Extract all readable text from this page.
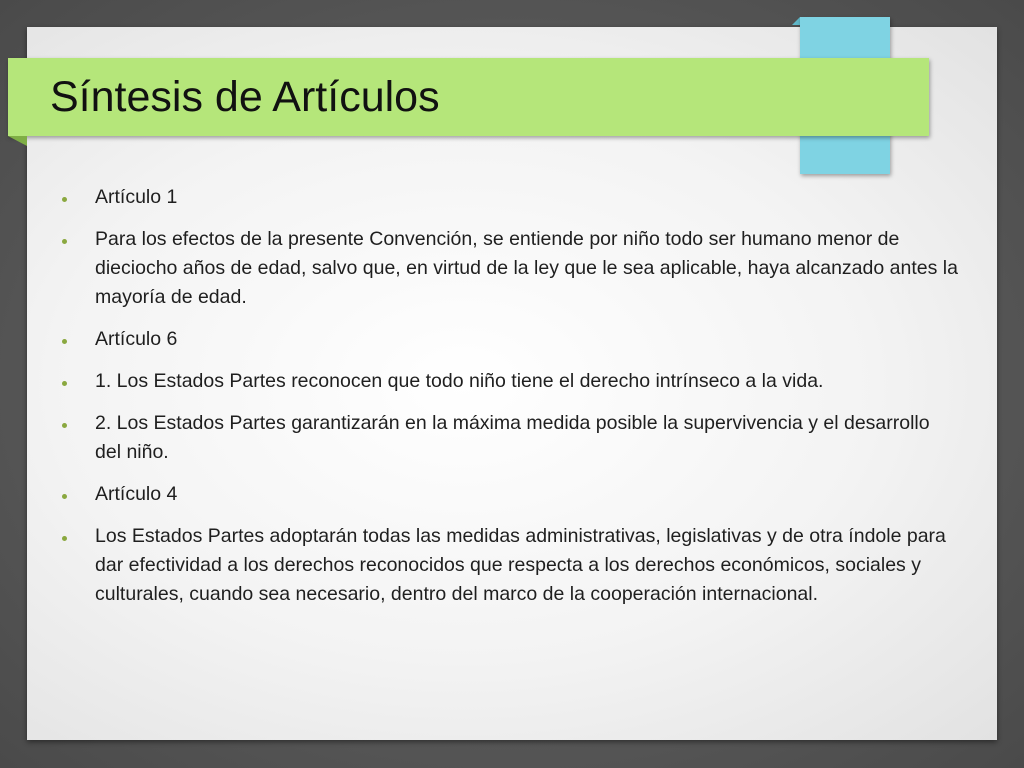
Síntesis de Artículos
Artículo 1
Para los efectos de la presente Convención, se entiende por niño todo ser humano menor de dieciocho años de edad, salvo que, en virtud de la ley que le sea aplicable, haya alcanzado antes la mayoría de edad.
Artículo 6
1. Los Estados Partes reconocen que todo niño tiene el derecho intrínseco a la vida.
2. Los Estados Partes garantizarán en la máxima medida posible la supervivencia y el desarrollo del niño.
Artículo 4
Los Estados Partes adoptarán todas las medidas administrativas, legislativas y de otra índole para dar efectividad a los derechos reconocidos que respecta a los derechos económicos, sociales y culturales, cuando sea necesario, dentro del marco de la cooperación internacional.
